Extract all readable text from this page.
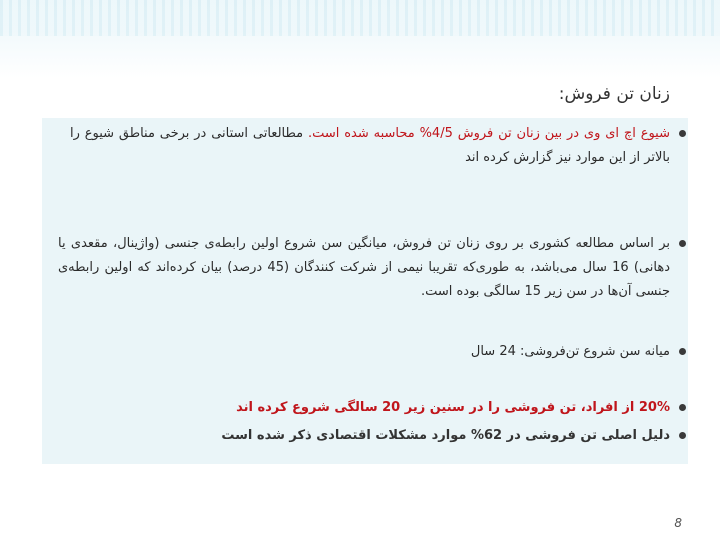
زنان تن فروش:
شیوع اچ ای وی در بین زنان تن فروش 4/5% محاسبه شده است. مطالعاتی استانی در برخی مناطق شیوع را بالاتر از این موارد نیز گزارش کرده اند
بر اساس مطالعه کشوری بر روی زنان تن فروش، میانگین سن شروع اولین رابطه‌ی جنسی (واژینال، مقعدی یا دهانی) 16 سال می‌باشد، به طوری‌که تقریبا نیمی از شرکت کنندگان (45 درصد) بیان کرده‌اند که اولین رابطه‌ی جنسی آن‌ها در سن زیر 15 سالگی بوده است.
میانه سن شروع تن‌فروشی: 24 سال
20% از افراد، تن فروشی را در سنین زیر 20 سالگی شروع کرده اند
دلیل اصلی تن فروشی در 62% موارد مشکلات اقتصادی ذکر شده است
8
